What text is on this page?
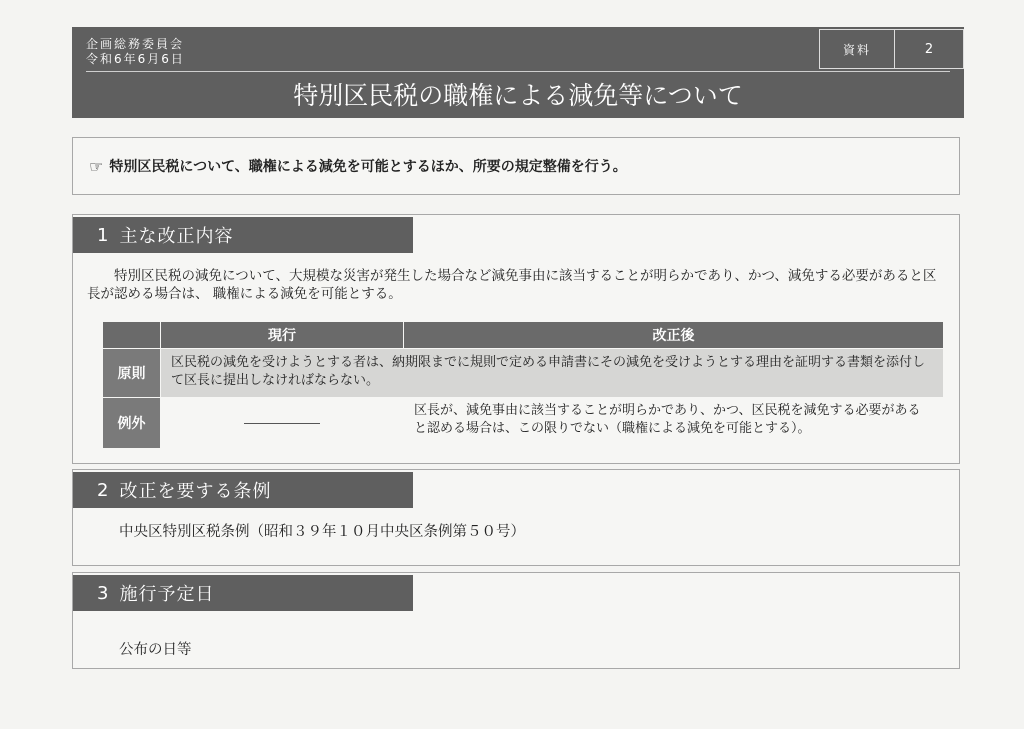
企画総務委員会
令和6年6月6日
資料	2
特別区民税の職権による減免等について
☞ 特別区民税について、職権による減免を可能とするほか、所要の規定整備を行う。
1 主な改正内容
特別区民税の減免について、大規模な災害が発生した場合など減免事由に該当することが明らかであり、かつ、減免する必要があると区長が認める場合は、 職権による減免を可能とする。
現行	改正後
原則
区民税の減免を受けようとする者は、納期限までに規則で定める申請書にその減免を受けようとする理由を証明する書類を添付して区長に提出しなければならない。
例外
区長が、減免事由に該当することが明らかであり、かつ、区民税を減免する必要があると認める場合は、この限りでない（職権による減免を可能とする）。
2 改正を要する条例
中央区特別区税条例（昭和３９年１０月中央区条例第５０号）
3 施行予定日
公布の日等
